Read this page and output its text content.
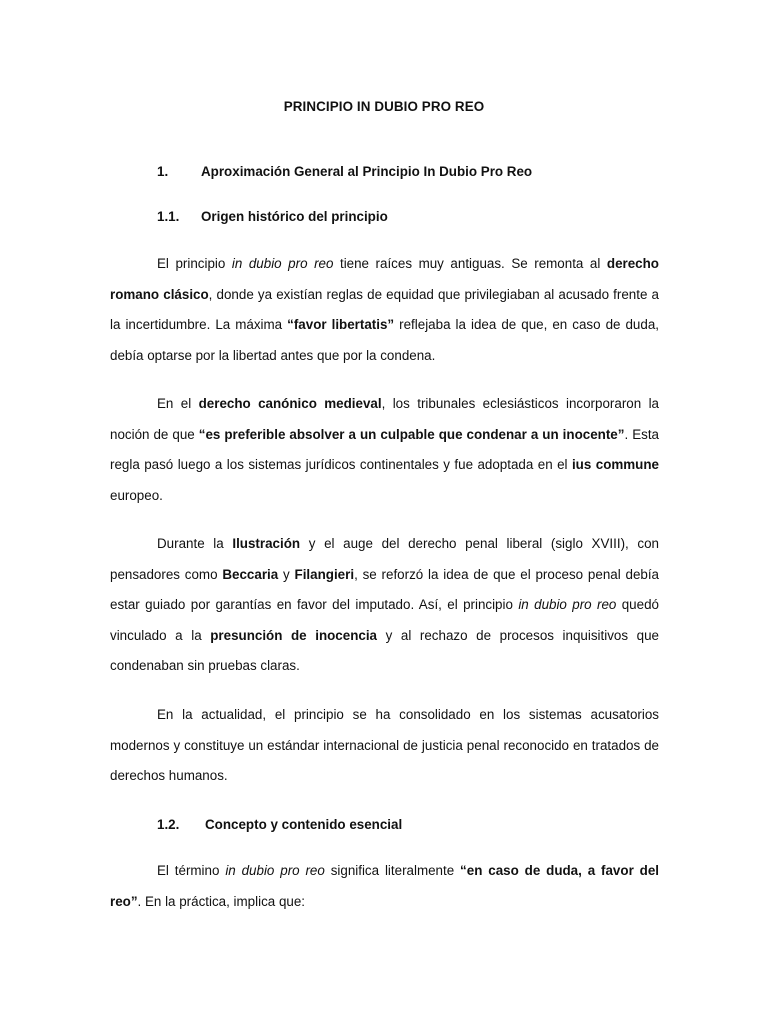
PRINCIPIO IN DUBIO PRO REO
1. Aproximación General al Principio In Dubio Pro Reo
1.1. Origen histórico del principio

El principio in dubio pro reo tiene raíces muy antiguas. Se remonta al derecho romano clásico, donde ya existían reglas de equidad que privilegiaban al acusado frente a la incertidumbre. La máxima “favor libertatis” reflejaba la idea de que, en caso de duda, debía optarse por la libertad antes que por la condena.

En el derecho canónico medieval, los tribunales eclesiásticos incorporaron la noción de que “es preferible absolver a un culpable que condenar a un inocente”. Esta regla pasó luego a los sistemas jurídicos continentales y fue adoptada en el ius commune europeo.

Durante la Ilustración y el auge del derecho penal liberal (siglo XVIII), con pensadores como Beccaria y Filangieri, se reforzó la idea de que el proceso penal debía estar guiado por garantías en favor del imputado. Así, el principio in dubio pro reo quedó vinculado a la presunción de inocencia y al rechazo de procesos inquisitivos que condenaban sin pruebas claras.

En la actualidad, el principio se ha consolidado en los sistemas acusatorios modernos y constituye un estándar internacional de justicia penal reconocido en tratados de derechos humanos.

1.2. Concepto y contenido esencial

El término in dubio pro reo significa literalmente “en caso de duda, a favor del reo”. En la práctica, implica que:
